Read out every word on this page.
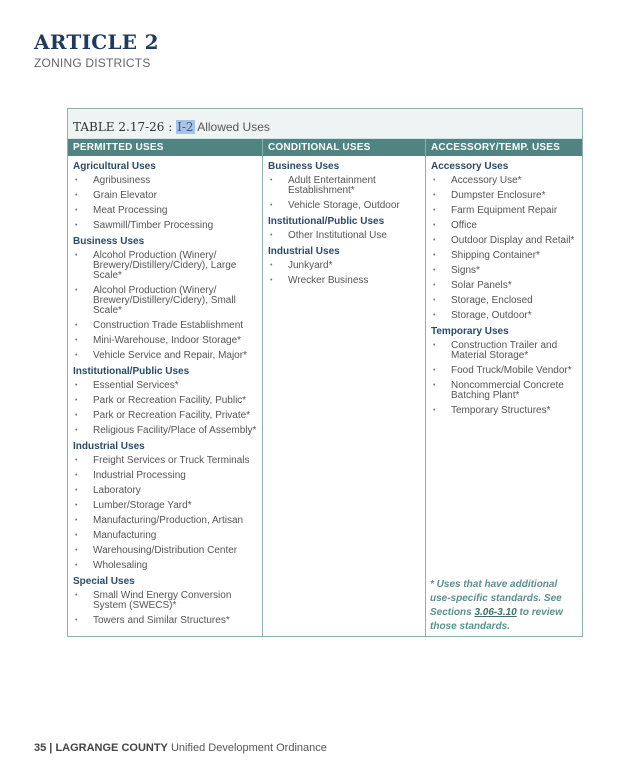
ARTICLE 2
ZONING DISTRICTS
TABLE 2.17-26 : I-2 Allowed Uses
PERMITTED USES
Agricultural Uses
• Agribusiness
• Grain Elevator
• Meat Processing
• Sawmill/Timber Processing
Business Uses
• Alcohol Production (Winery/ Brewery/Distillery/Cidery), Large Scale*
• Alcohol Production (Winery/ Brewery/Distillery/Cidery), Small Scale*
• Construction Trade Establishment
• Mini-Warehouse, Indoor Storage*
• Vehicle Service and Repair, Major*
Institutional/Public Uses
• Essential Services*
• Park or Recreation Facility, Public*
• Park or Recreation Facility, Private*
• Religious Facility/Place of Assembly*
Industrial Uses
• Freight Services or Truck Terminals
• Industrial Processing
• Laboratory
• Lumber/Storage Yard*
• Manufacturing/Production, Artisan
• Manufacturing
• Warehousing/Distribution Center
• Wholesaling
Special Uses
• Small Wind Energy Conversion System (SWECS)*
• Towers and Similar Structures*
CONDITIONAL USES
Business Uses
• Adult Entertainment Establishment*
• Vehicle Storage, Outdoor
Institutional/Public Uses
• Other Institutional Use
Industrial Uses
• Junkyard*
• Wrecker Business
ACCESSORY/TEMP. USES
Accessory Uses
• Accessory Use*
• Dumpster Enclosure*
• Farm Equipment Repair
• Office
• Outdoor Display and Retail*
• Shipping Container*
• Signs*
• Solar Panels*
• Storage, Enclosed
• Storage, Outdoor*
Temporary Uses
• Construction Trailer and Material Storage*
• Food Truck/Mobile Vendor*
• Noncommercial Concrete Batching Plant*
• Temporary Structures*
* Uses that have additional use-specific standards. See Sections 3.06-3.10 to review those standards.
35 | LAGRANGE COUNTY Unified Development Ordinance
